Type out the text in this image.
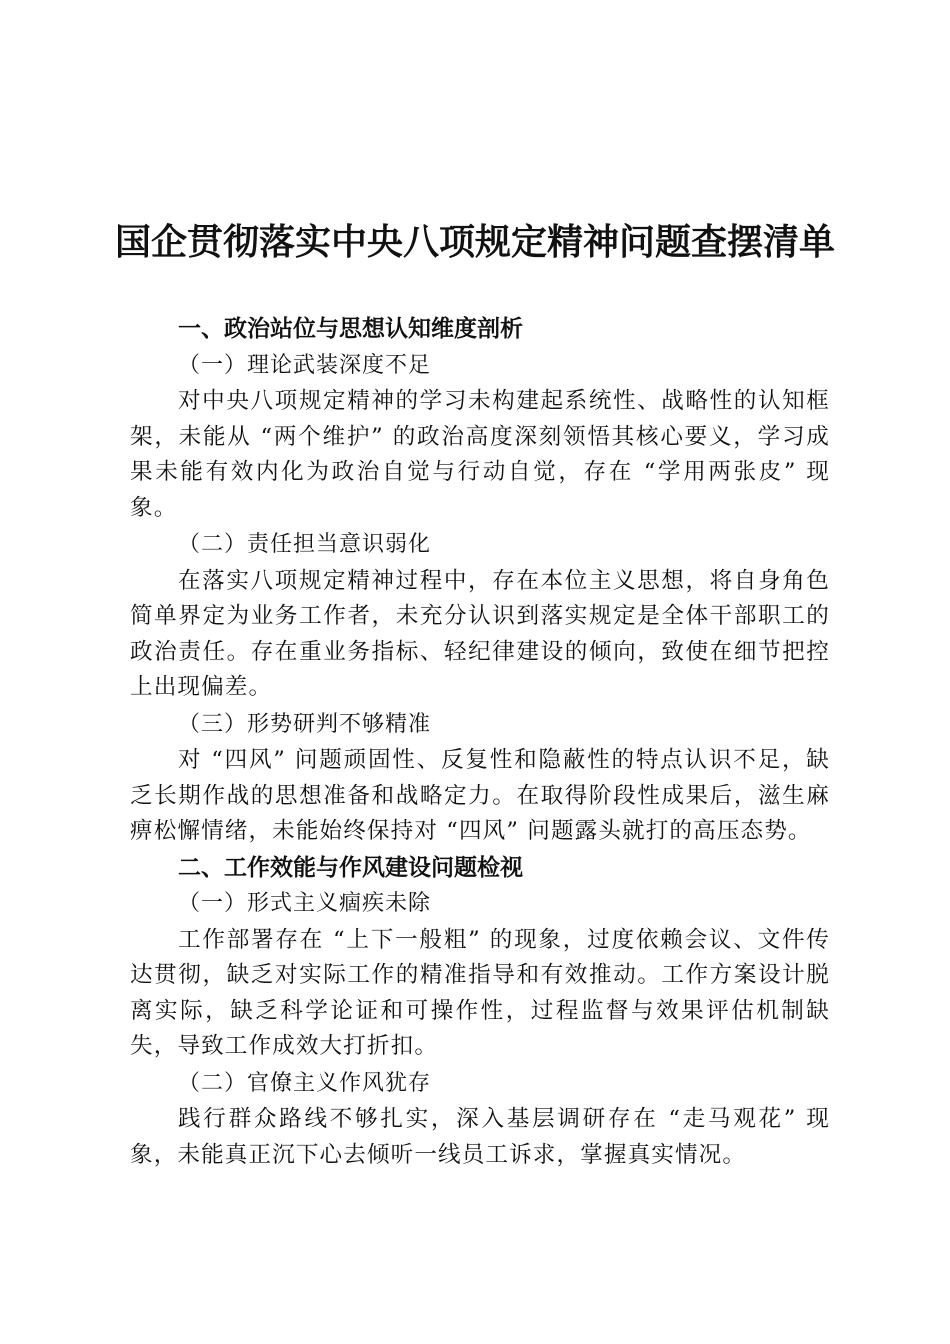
国企贯彻落实中央八项规定精神问题查摆清单

一、政治站位与思想认知维度剖析

（一）理论武装深度不足

对中央八项规定精神的学习未构建起系统性、战略性的认知框架，未能从 “两个维护” 的政治高度深刻领悟其核心要义，学习成果未能有效内化为政治自觉与行动自觉，存在 “学用两张皮” 现象。

（二）责任担当意识弱化

在落实八项规定精神过程中，存在本位主义思想，将自身角色简单界定为业务工作者，未充分认识到落实规定是全体干部职工的政治责任。存在重业务指标、轻纪律建设的倾向，致使在细节把控上出现偏差。

（三）形势研判不够精准

对 “四风” 问题顽固性、反复性和隐蔽性的特点认识不足，缺乏长期作战的思想准备和战略定力。在取得阶段性成果后，滋生麻痹松懈情绪，未能始终保持对 “四风” 问题露头就打的高压态势。

二、工作效能与作风建设问题检视

（一）形式主义痼疾未除

工作部署存在 “上下一般粗” 的现象，过度依赖会议、文件传达贯彻，缺乏对实际工作的精准指导和有效推动。工作方案设计脱离实际，缺乏科学论证和可操作性，过程监督与效果评估机制缺失，导致工作成效大打折扣。

（二）官僚主义作风犹存

践行群众路线不够扎实，深入基层调研存在 “走马观花” 现象，未能真正沉下心去倾听一线员工诉求，掌握真实情况。
